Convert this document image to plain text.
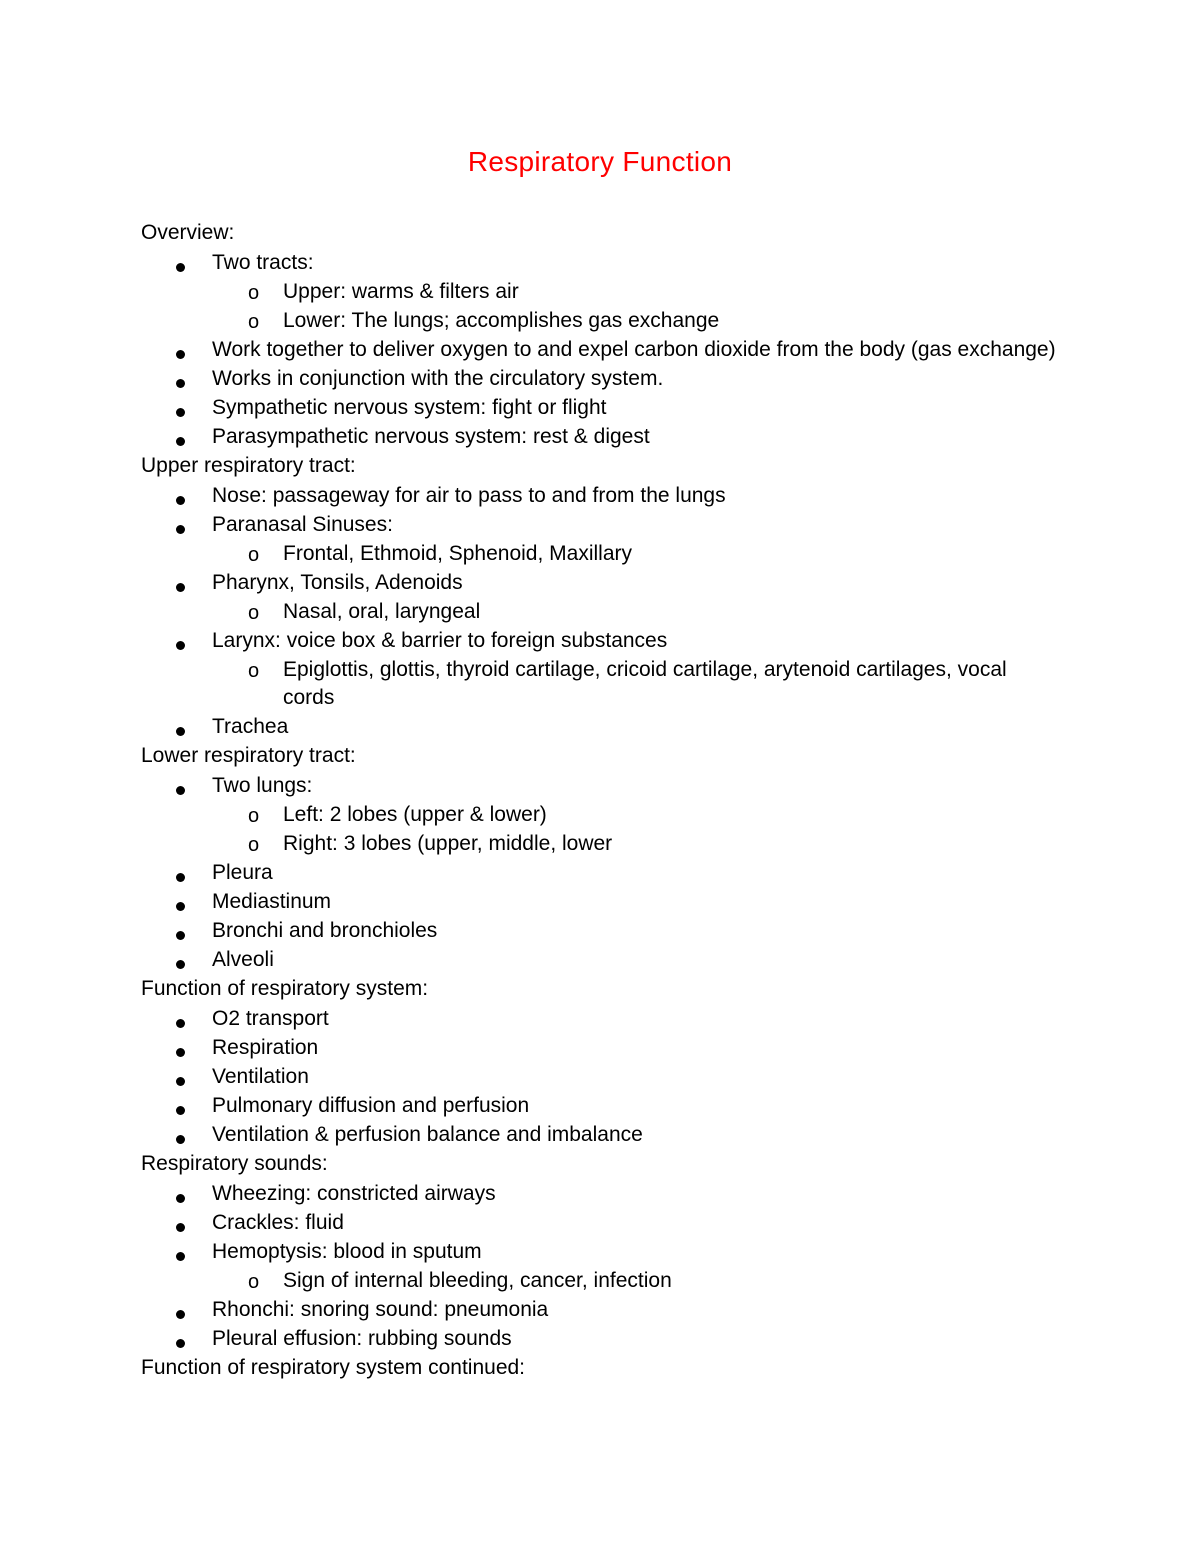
Respiratory Function
Overview:
Two tracts:
o Upper: warms & filters air
o Lower: The lungs; accomplishes gas exchange
Work together to deliver oxygen to and expel carbon dioxide from the body (gas exchange)
Works in conjunction with the circulatory system.
Sympathetic nervous system: fight or flight
Parasympathetic nervous system: rest & digest
Upper respiratory tract:
Nose: passageway for air to pass to and from the lungs
Paranasal Sinuses:
o Frontal, Ethmoid, Sphenoid, Maxillary
Pharynx, Tonsils, Adenoids
o Nasal, oral, laryngeal
Larynx: voice box & barrier to foreign substances
o Epiglottis, glottis, thyroid cartilage, cricoid cartilage, arytenoid cartilages, vocal cords
Trachea
Lower respiratory tract:
Two lungs:
o Left: 2 lobes (upper & lower)
o Right: 3 lobes (upper, middle, lower
Pleura
Mediastinum
Bronchi and bronchioles
Alveoli
Function of respiratory system:
O2 transport
Respiration
Ventilation
Pulmonary diffusion and perfusion
Ventilation & perfusion balance and imbalance
Respiratory sounds:
Wheezing: constricted airways
Crackles: fluid
Hemoptysis: blood in sputum
o Sign of internal bleeding, cancer, infection
Rhonchi: snoring sound: pneumonia
Pleural effusion: rubbing sounds
Function of respiratory system continued:
